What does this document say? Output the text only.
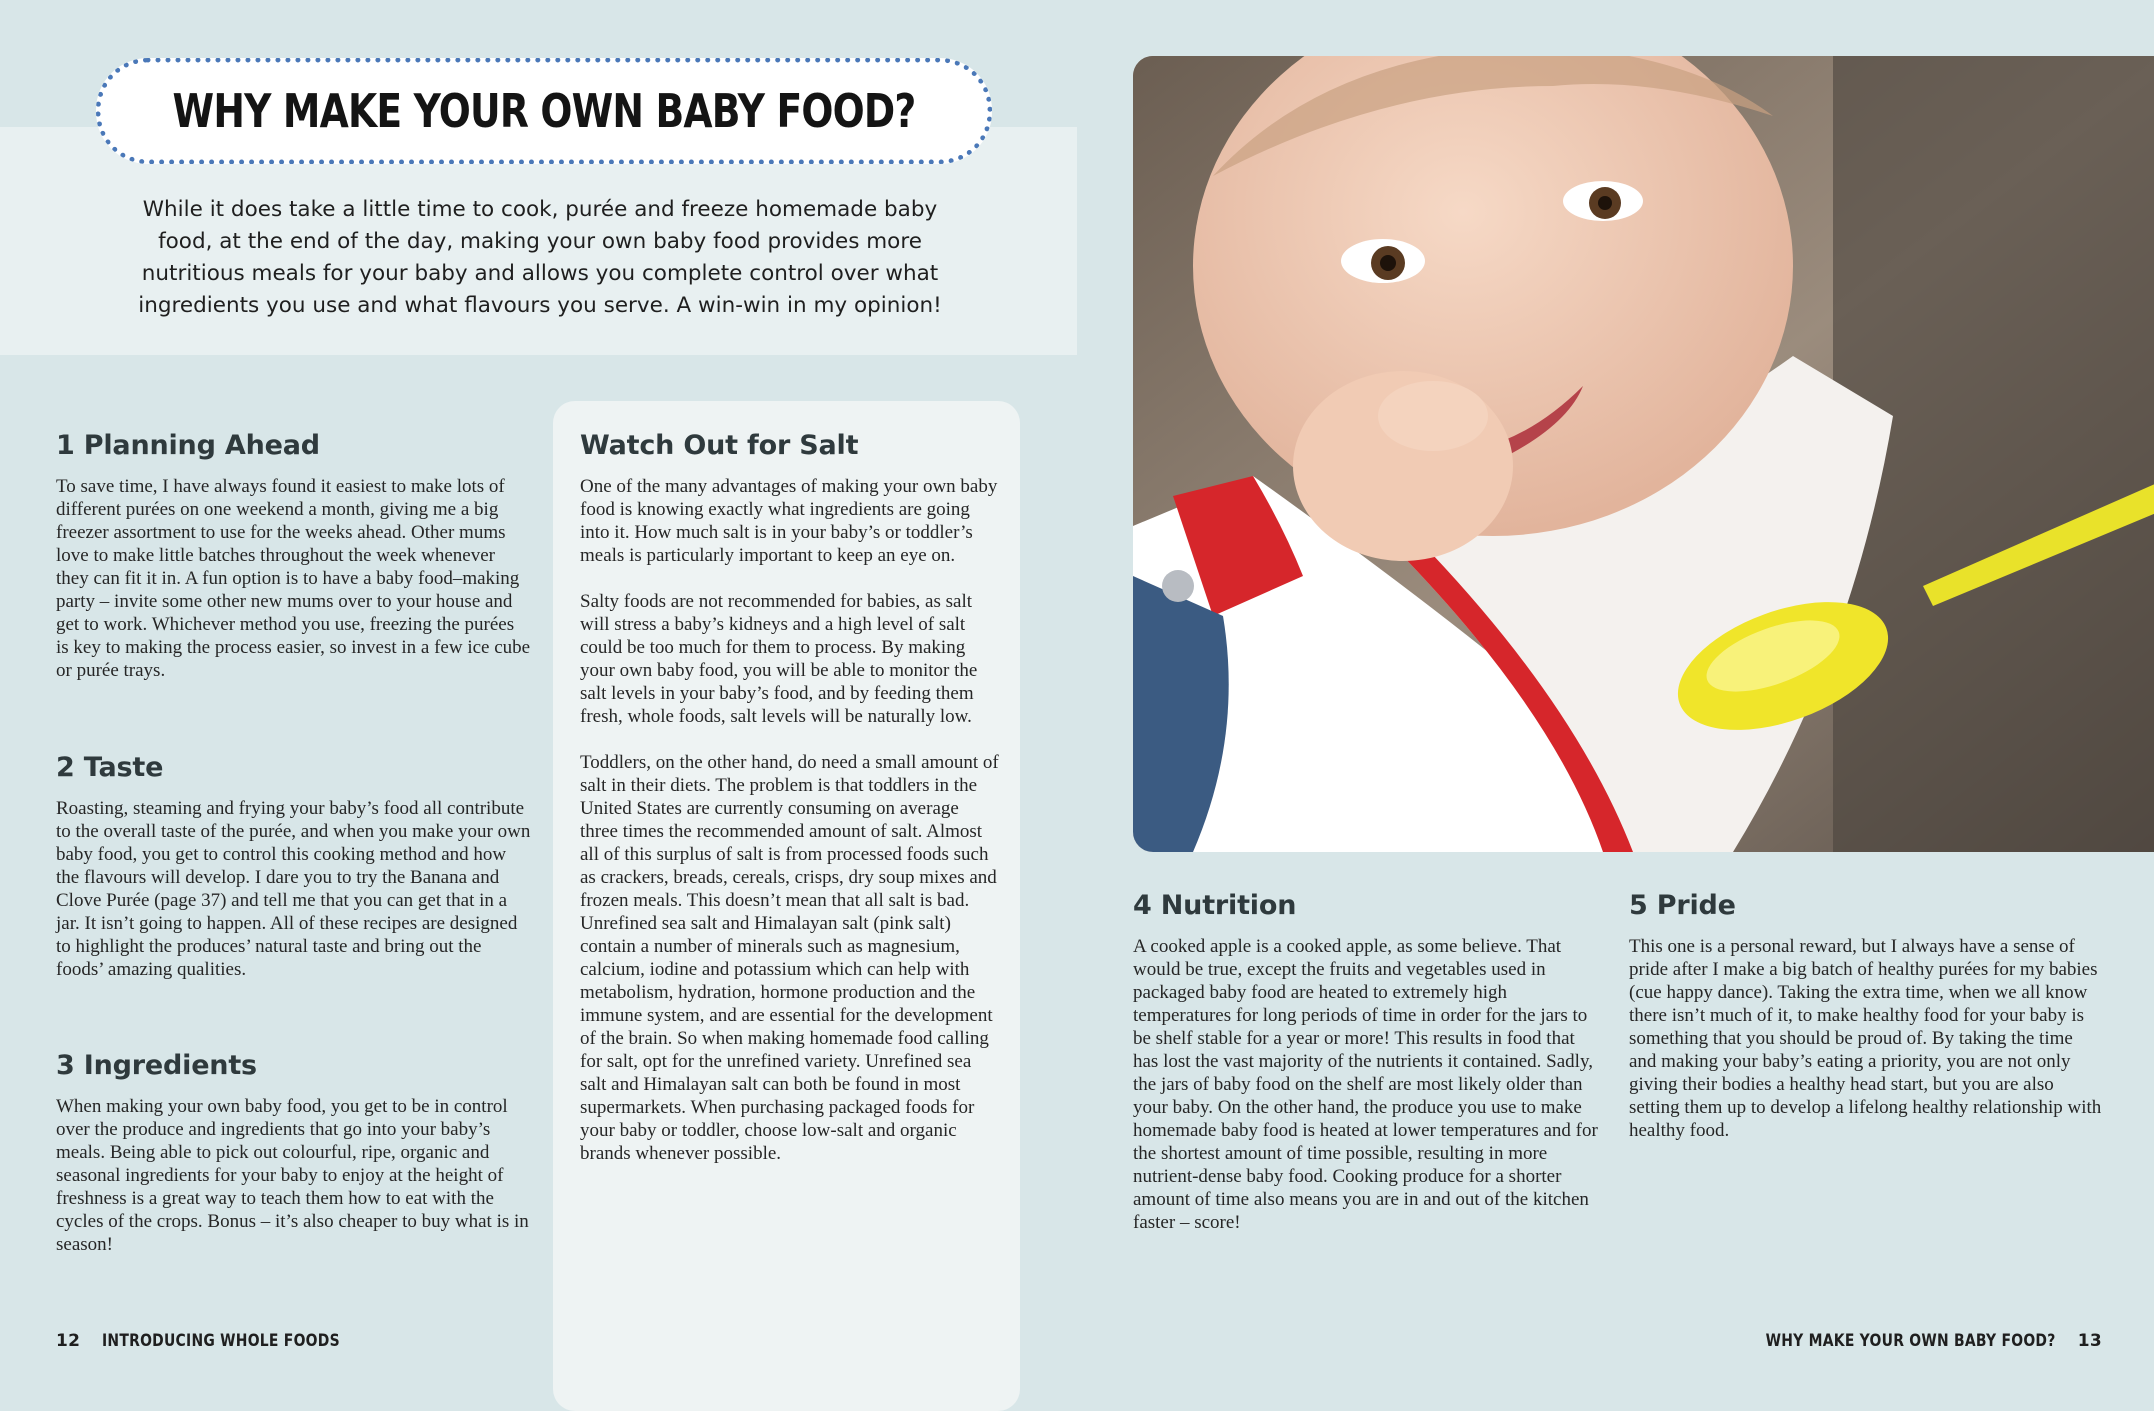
WHY MAKE YOUR OWN BABY FOOD?

While it does take a little time to cook, purée and freeze homemade baby food, at the end of the day, making your own baby food provides more nutritious meals for your baby and allows you complete control over what ingredients you use and what flavours you serve. A win-win in my opinion!

1 Planning Ahead

To save time, I have always found it easiest to make lots of different purées on one weekend a month, giving me a big freezer assortment to use for the weeks ahead. Other mums love to make little batches throughout the week whenever they can fit it in. A fun option is to have a baby food–making party – invite some other new mums over to your house and get to work. Whichever method you use, freezing the purées is key to making the process easier, so invest in a few ice cube or purée trays.

2 Taste

Roasting, steaming and frying your baby’s food all contribute to the overall taste of the purée, and when you make your own baby food, you get to control this cooking method and how the flavours will develop. I dare you to try the Banana and Clove Purée (page 37) and tell me that you can get that in a jar. It isn’t going to happen. All of these recipes are designed to highlight the produces’ natural taste and bring out the foods’ amazing qualities.

3 Ingredients

When making your own baby food, you get to be in control over the produce and ingredients that go into your baby’s meals. Being able to pick out colourful, ripe, organic and seasonal ingredients for your baby to enjoy at the height of freshness is a great way to teach them how to eat with the cycles of the crops. Bonus – it’s also cheaper to buy what is in season!

Watch Out for Salt

One of the many advantages of making your own baby food is knowing exactly what ingredients are going into it. How much salt is in your baby’s or toddler’s meals is particularly important to keep an eye on.

Salty foods are not recommended for babies, as salt will stress a baby’s kidneys and a high level of salt could be too much for them to process. By making your own baby food, you will be able to monitor the salt levels in your baby’s food, and by feeding them fresh, whole foods, salt levels will be naturally low.

Toddlers, on the other hand, do need a small amount of salt in their diets. The problem is that toddlers in the United States are currently consuming on average three times the recommended amount of salt. Almost all of this surplus of salt is from processed foods such as crackers, breads, cereals, crisps, dry soup mixes and frozen meals. This doesn’t mean that all salt is bad. Unrefined sea salt and Himalayan salt (pink salt) contain a number of minerals such as magnesium, calcium, iodine and potassium which can help with metabolism, hydration, hormone production and the immune system, and are essential for the development of the brain. So when making homemade food calling for salt, opt for the unrefined variety. Unrefined sea salt and Himalayan salt can both be found in most supermarkets. When purchasing packaged foods for your baby or toddler, choose low-salt and organic brands whenever possible.

4 Nutrition

A cooked apple is a cooked apple, as some believe. That would be true, except the fruits and vegetables used in packaged baby food are heated to extremely high temperatures for long periods of time in order for the jars to be shelf stable for a year or more! This results in food that has lost the vast majority of the nutrients it contained. Sadly, the jars of baby food on the shelf are most likely older than your baby. On the other hand, the produce you use to make homemade baby food is heated at lower temperatures and for the shortest amount of time possible, resulting in more nutrient-dense baby food. Cooking produce for a shorter amount of time also means you are in and out of the kitchen faster – score!

5 Pride

This one is a personal reward, but I always have a sense of pride after I make a big batch of healthy purées for my babies (cue happy dance). Taking the extra time, when we all know there isn’t much of it, to make healthy food for your baby is something that you should be proud of. By taking the time and making your baby’s eating a priority, you are not only giving their bodies a healthy head start, but you are also setting them up to develop a lifelong healthy relationship with healthy food.

12 INTRODUCING WHOLE FOODS	WHY MAKE YOUR OWN BABY FOOD? 13
